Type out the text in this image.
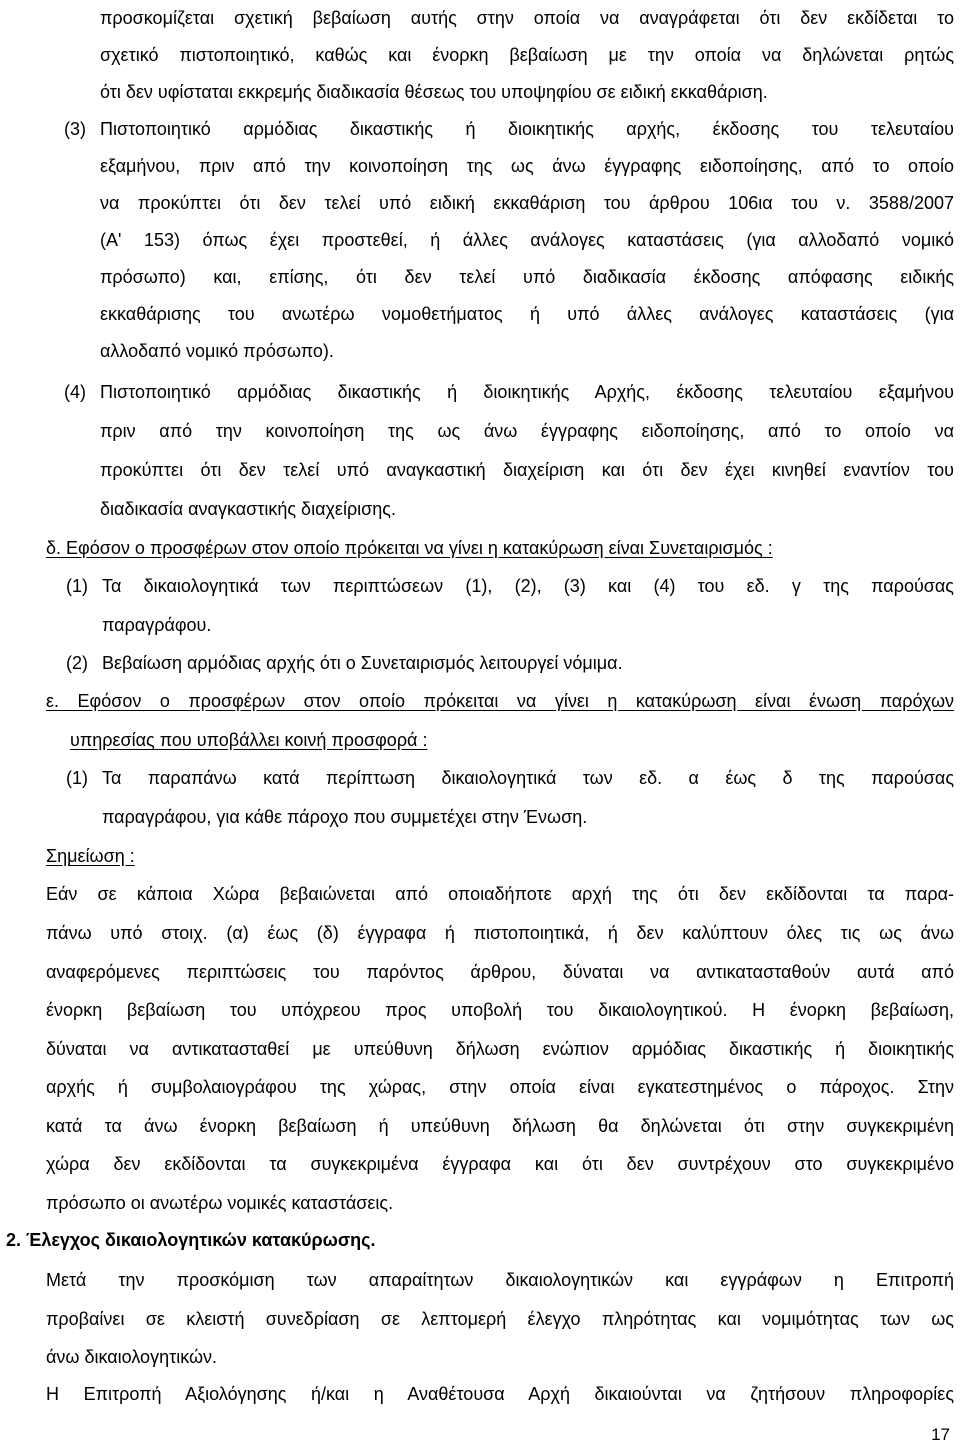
προσκομίζεται σχετική βεβαίωση αυτής στην οποία να αναγράφεται ότι δεν εκδίδεται το
σχετικό πιστοποιητικό, καθώς και ένορκη βεβαίωση με την οποία να δηλώνεται ρητώς
ότι δεν υφίσταται εκκρεμής διαδικασία θέσεως του υποψηφίου σε ειδική εκκαθάριση.
(3) Πιστοποιητικό αρμόδιας δικαστικής ή διοικητικής αρχής, έκδοσης του τελευταίου
εξαμήνου, πριν από την κοινοποίηση της ως άνω έγγραφης ειδοποίησης, από το οποίο
να προκύπτει ότι δεν τελεί υπό ειδική εκκαθάριση του άρθρου 106ια του ν. 3588/2007
(Α' 153) όπως έχει προστεθεί, ή άλλες ανάλογες καταστάσεις (για αλλοδαπό νομικό
πρόσωπο) και, επίσης, ότι δεν τελεί υπό διαδικασία έκδοσης απόφασης ειδικής
εκκαθάρισης του ανωτέρω νομοθετήματος ή υπό άλλες ανάλογες καταστάσεις (για
αλλοδαπό νομικό πρόσωπο).
(4) Πιστοποιητικό αρμόδιας δικαστικής ή διοικητικής Αρχής, έκδοσης τελευταίου εξαμήνου
πριν από την κοινοποίηση της ως άνω έγγραφης ειδοποίησης, από το οποίο να
προκύπτει ότι δεν τελεί υπό αναγκαστική διαχείριση και ότι δεν έχει κινηθεί εναντίον του
διαδικασία αναγκαστικής διαχείρισης.
δ. Εφόσον ο προσφέρων στον οποίο πρόκειται να γίνει η κατακύρωση είναι Συνεταιρισμός :
(1) Τα δικαιολογητικά των περιπτώσεων (1), (2), (3) και (4) του εδ. γ της παρούσας
παραγράφου.
(2) Βεβαίωση αρμόδιας αρχής ότι ο Συνεταιρισμός λειτουργεί νόμιμα.
ε. Εφόσον ο προσφέρων στον οποίο πρόκειται να γίνει η κατακύρωση είναι ένωση παρόχων
υπηρεσίας που υποβάλλει κοινή προσφορά :
(1) Τα παραπάνω κατά περίπτωση δικαιολογητικά των εδ. α έως δ της παρούσας
παραγράφου, για κάθε πάροχο που συμμετέχει στην Ένωση.
Σημείωση :
Εάν σε κάποια Χώρα βεβαιώνεται από οποιαδήποτε αρχή της ότι δεν εκδίδονται τα παρα-
πάνω υπό στοιχ. (α) έως (δ) έγγραφα ή πιστοποιητικά, ή δεν καλύπτουν όλες τις ως άνω
αναφερόμενες περιπτώσεις του παρόντος άρθρου, δύναται να αντικατασταθούν αυτά από
ένορκη βεβαίωση του υπόχρεου προς υποβολή του δικαιολογητικού. Η ένορκη βεβαίωση,
δύναται να αντικατασταθεί με υπεύθυνη δήλωση ενώπιον αρμόδιας δικαστικής ή διοικητικής
αρχής ή συμβολαιογράφου της χώρας, στην οποία είναι εγκατεστημένος ο πάροχος. Στην
κατά τα άνω ένορκη βεβαίωση ή υπεύθυνη δήλωση θα δηλώνεται ότι στην συγκεκριμένη
χώρα δεν εκδίδονται τα συγκεκριμένα έγγραφα και ότι δεν συντρέχουν στο συγκεκριμένο
πρόσωπο οι ανωτέρω νομικές καταστάσεις.
2. Έλεγχος δικαιολογητικών κατακύρωσης.
Μετά την προσκόμιση των απαραίτητων δικαιολογητικών και εγγράφων η Επιτροπή
προβαίνει σε κλειστή συνεδρίαση σε λεπτομερή έλεγχο πληρότητας και νομιμότητας των ως
άνω δικαιολογητικών.
Η Επιτροπή Αξιολόγησης ή/και η Αναθέτουσα Αρχή δικαιούνται να ζητήσουν πληροφορίες
17
